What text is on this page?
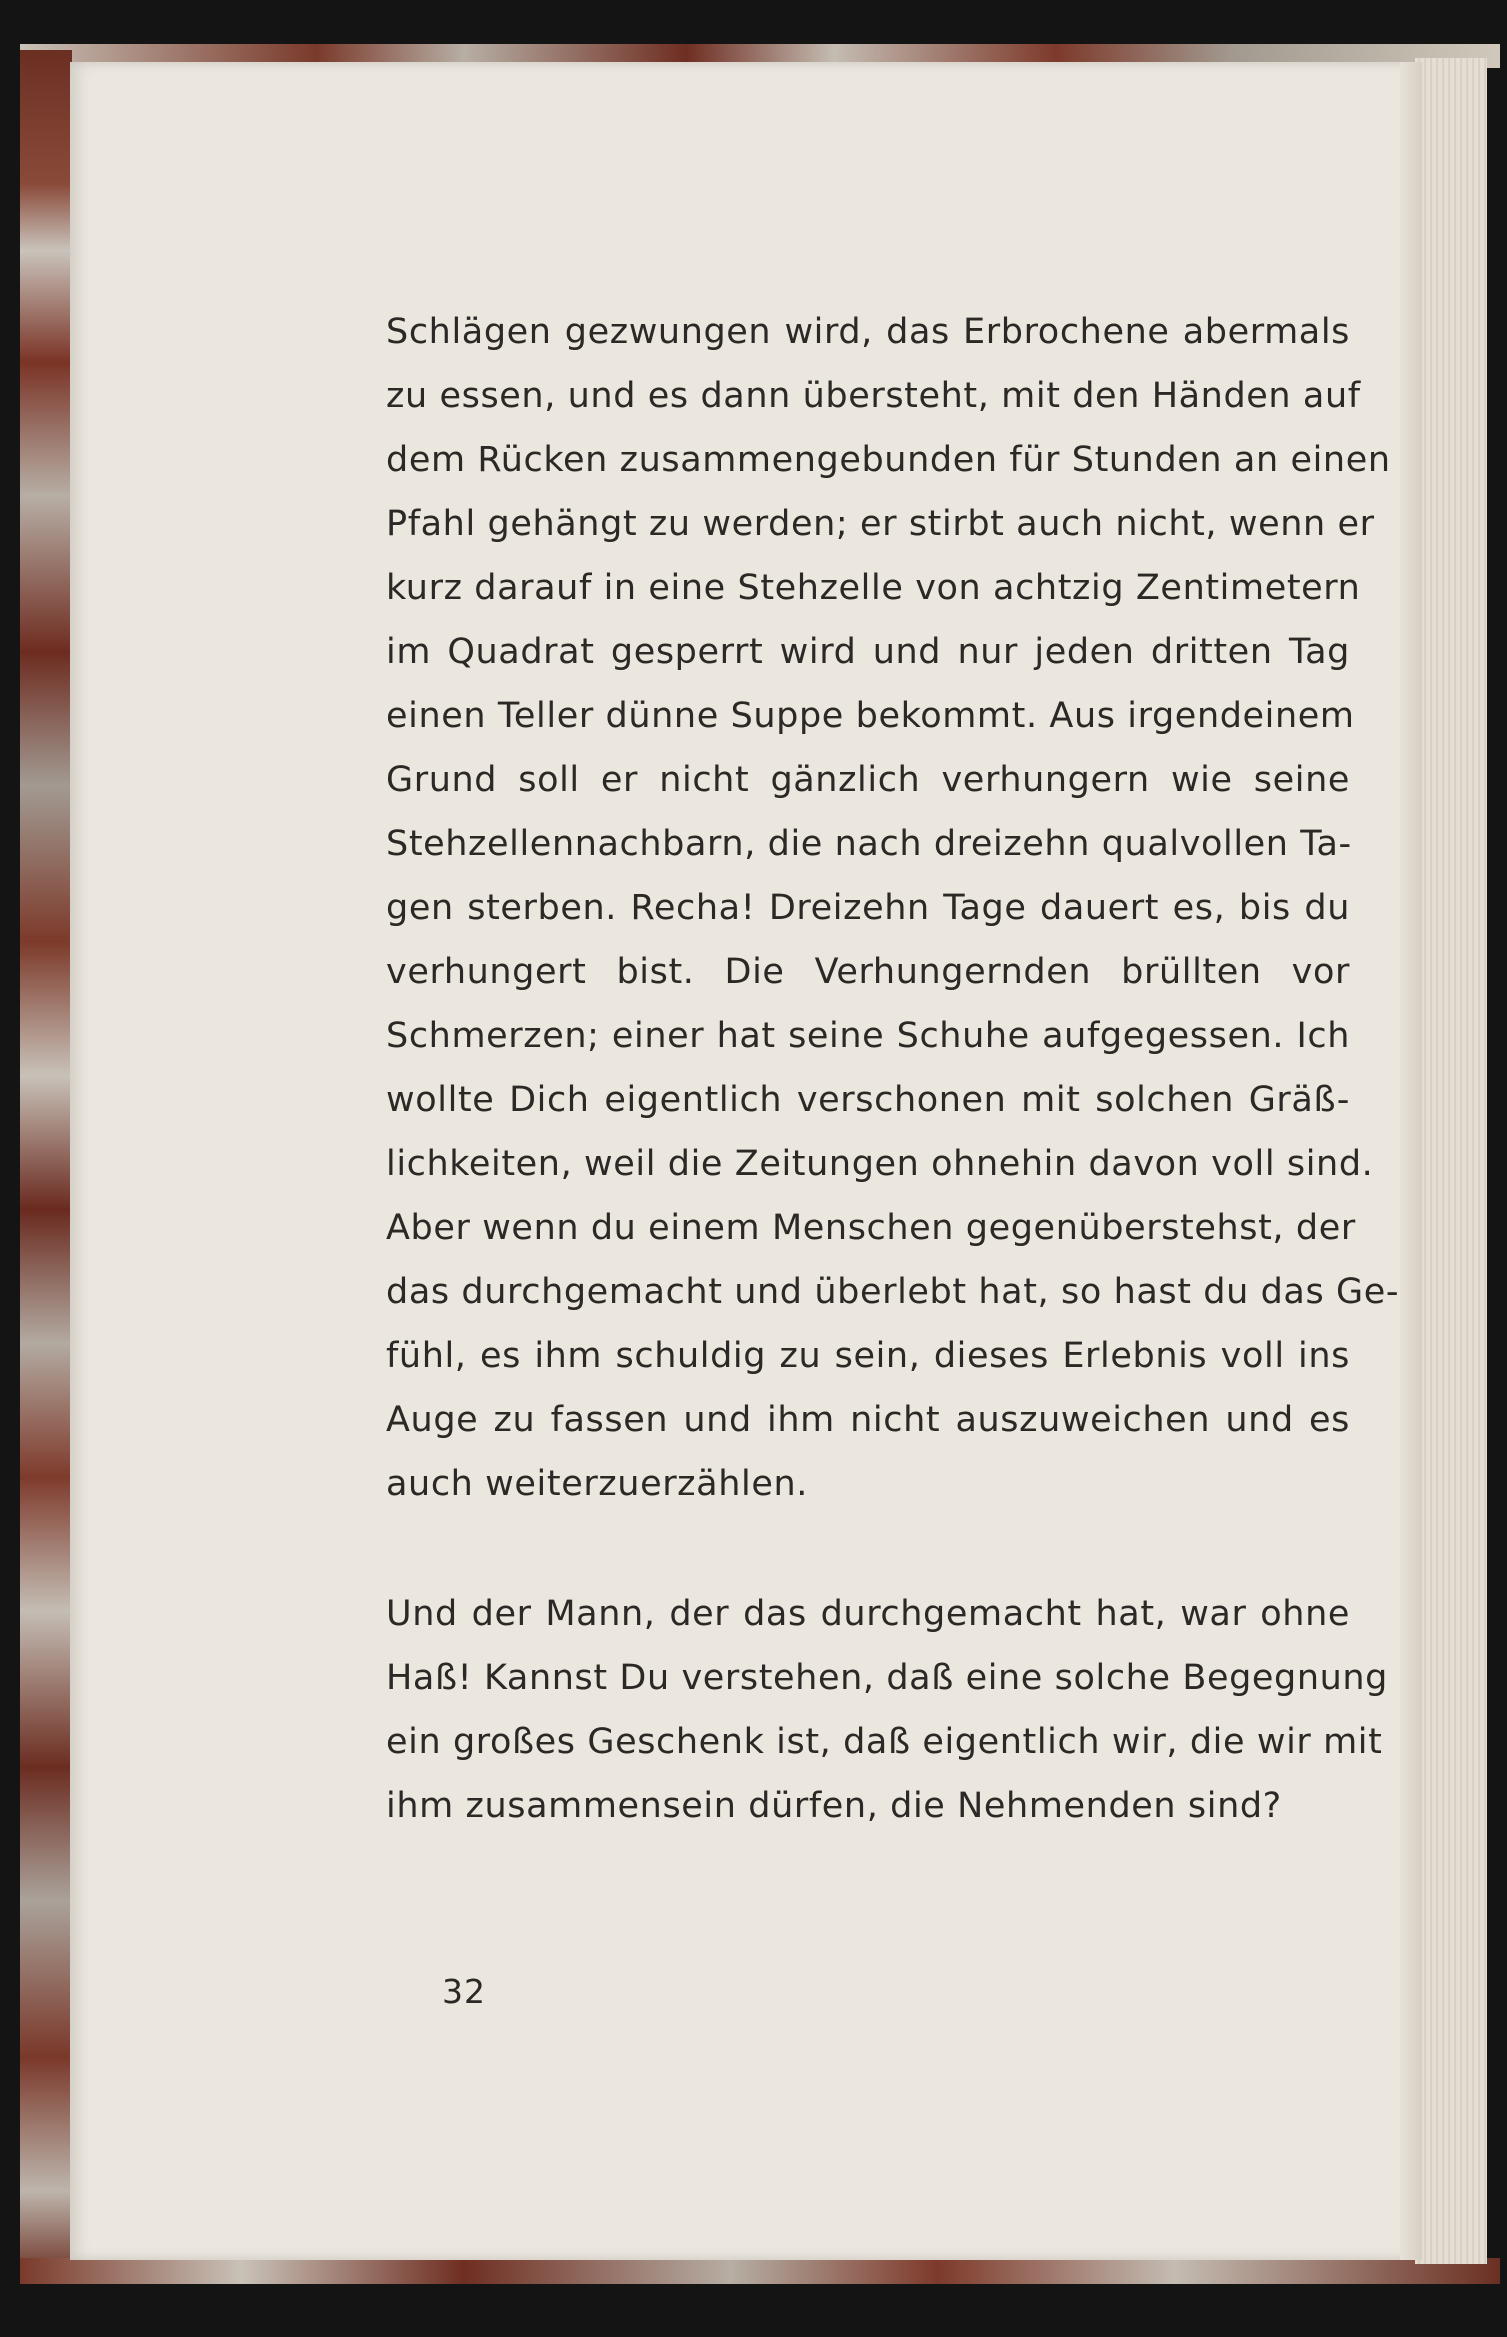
Schlägen gezwungen wird, das Erbrochene abermals
zu essen, und es dann übersteht, mit den Händen auf
dem Rücken zusammengebunden für Stunden an einen
Pfahl gehängt zu werden; er stirbt auch nicht, wenn er
kurz darauf in eine Stehzelle von achtzig Zentimetern
im Quadrat gesperrt wird und nur jeden dritten Tag
einen Teller dünne Suppe bekommt. Aus irgendeinem
Grund soll er nicht gänzlich verhungern wie seine
Stehzellennachbarn, die nach dreizehn qualvollen Ta-
gen sterben. Recha! Dreizehn Tage dauert es, bis du
verhungert bist. Die Verhungernden brüllten vor
Schmerzen; einer hat seine Schuhe aufgegessen. Ich
wollte Dich eigentlich verschonen mit solchen Gräß-
lichkeiten, weil die Zeitungen ohnehin davon voll sind.
Aber wenn du einem Menschen gegenüberstehst, der
das durchgemacht und überlebt hat, so hast du das Ge-
fühl, es ihm schuldig zu sein, dieses Erlebnis voll ins
Auge zu fassen und ihm nicht auszuweichen und es
auch weiterzuerzählen.
Und der Mann, der das durchgemacht hat, war ohne
Haß! Kannst Du verstehen, daß eine solche Begegnung
ein großes Geschenk ist, daß eigentlich wir, die wir mit
ihm zusammensein dürfen, die Nehmenden sind?
32
